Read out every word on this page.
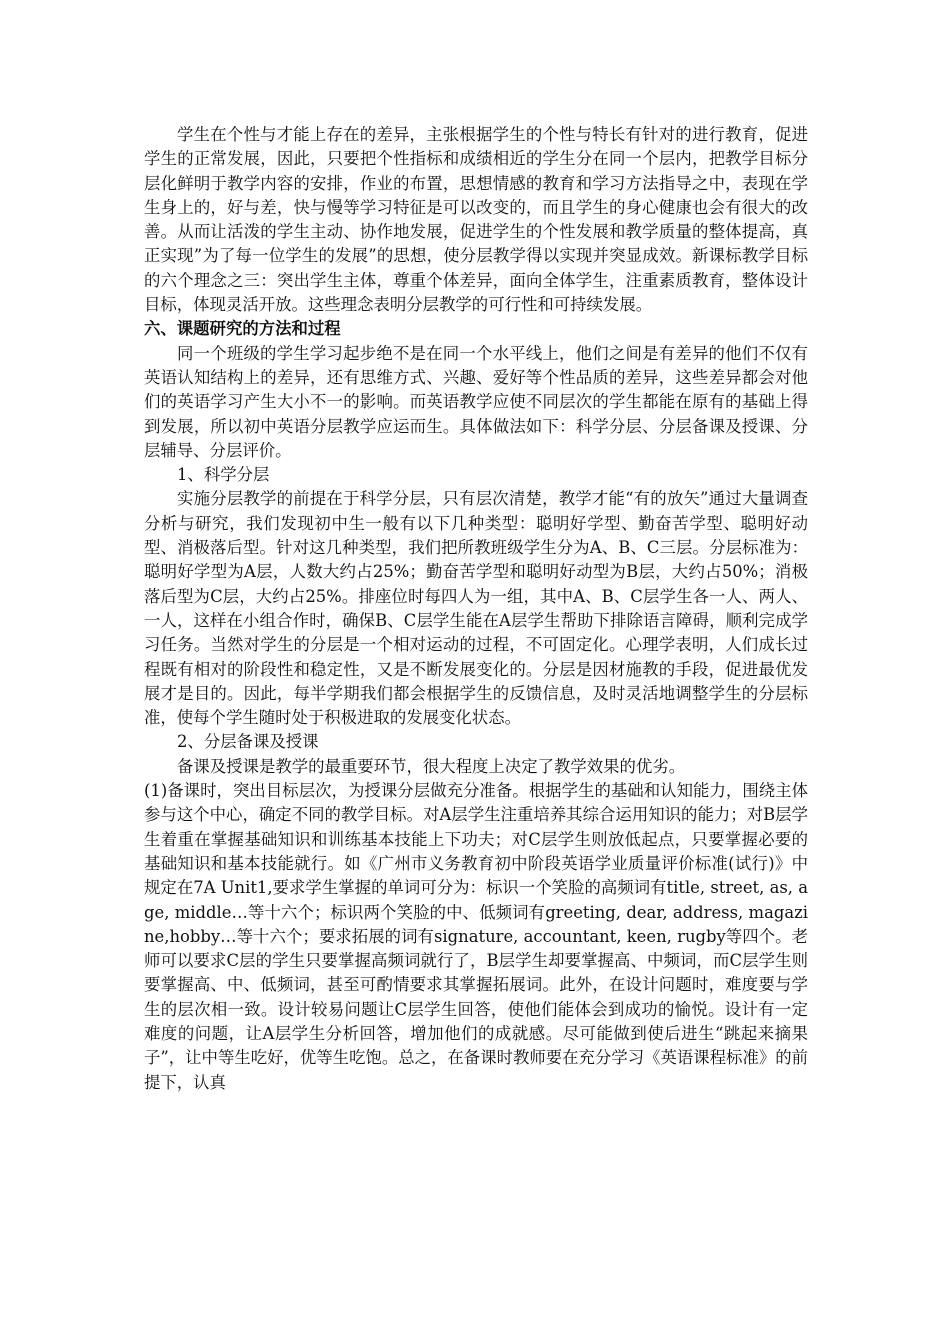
学生在个性与才能上存在的差异，主张根据学生的个性与特长有针对的进行教育，促进学生的正常发展，因此，只要把个性指标和成绩相近的学生分在同一个层内，把教学目标分层化鲜明于教学内容的安排，作业的布置，思想情感的教育和学习方法指导之中，表现在学生身上的，好与差，快与慢等学习特征是可以改变的，而且学生的身心健康也会有很大的改善。从而让活泼的学生主动、协作地发展，促进学生的个性发展和教学质量的整体提高，真正实现”为了每一位学生的发展”的思想，使分层教学得以实现并突显成效。新课标教学目标的六个理念之三：突出学生主体，尊重个体差异，面向全体学生，注重素质教育，整体设计目标，体现灵活开放。这些理念表明分层教学的可行性和可持续发展。

六、课题研究的方法和过程

同一个班级的学生学习起步绝不是在同一个水平线上，他们之间是有差异的他们不仅有英语认知结构上的差异，还有思维方式、兴趣、爱好等个性品质的差异，这些差异都会对他们的英语学习产生大小不一的影响。而英语教学应使不同层次的学生都能在原有的基础上得到发展，所以初中英语分层教学应运而生。具体做法如下：科学分层、分层备课及授课、分层辅导、分层评价。

1、科学分层

实施分层教学的前提在于科学分层，只有层次清楚，教学才能“有的放矢”通过大量调查分析与研究，我们发现初中生一般有以下几种类型：聪明好学型、勤奋苦学型、聪明好动型、消极落后型。针对这几种类型，我们把所教班级学生分为A、B、C三层。分层标准为：聪明好学型为A层，人数大约占25%；勤奋苦学型和聪明好动型为B层，大约占50%；消极落后型为C层，大约占25%。排座位时每四人为一组，其中A、B、C层学生各一人、两人、一人，这样在小组合作时，确保B、C层学生能在A层学生帮助下排除语言障碍，顺利完成学习任务。当然对学生的分层是一个相对运动的过程，不可固定化。心理学表明，人们成长过程既有相对的阶段性和稳定性，又是不断发展变化的。分层是因材施教的手段，促进最优发展才是目的。因此，每半学期我们都会根据学生的反馈信息，及时灵活地调整学生的分层标准，使每个学生随时处于积极进取的发展变化状态。

2、分层备课及授课

备课及授课是教学的最重要环节，很大程度上决定了教学效果的优劣。

(1)备课时，突出目标层次，为授课分层做充分准备。根据学生的基础和认知能力，围绕主体参与这个中心，确定不同的教学目标。对A层学生注重培养其综合运用知识的能力；对B层学生着重在掌握基础知识和训练基本技能上下功夫；对C层学生则放低起点，只要掌握必要的基础知识和基本技能就行。如《广州市义务教育初中阶段英语学业质量评价标准(试行)》中规定在7A Unit1,要求学生掌握的单词可分为：标识一个笑脸的高频词有title, street, as, age, middle…等十六个；标识两个笑脸的中、低频词有greeting, dear, address, magazine,hobby…等十六个；要求拓展的词有signature, accountant, keen, rugby等四个。老师可以要求C层的学生只要掌握高频词就行了，B层学生却要掌握高、中频词，而C层学生则要掌握高、中、低频词，甚至可酌情要求其掌握拓展词。此外，在设计问题时，难度要与学生的层次相一致。设计较易问题让C层学生回答，使他们能体会到成功的愉悦。设计有一定难度的问题，让A层学生分析回答，增加他们的成就感。尽可能做到使后进生“跳起来摘果子”，让中等生吃好，优等生吃饱。总之，在备课时教师要在充分学习《英语课程标准》的前提下，认真
